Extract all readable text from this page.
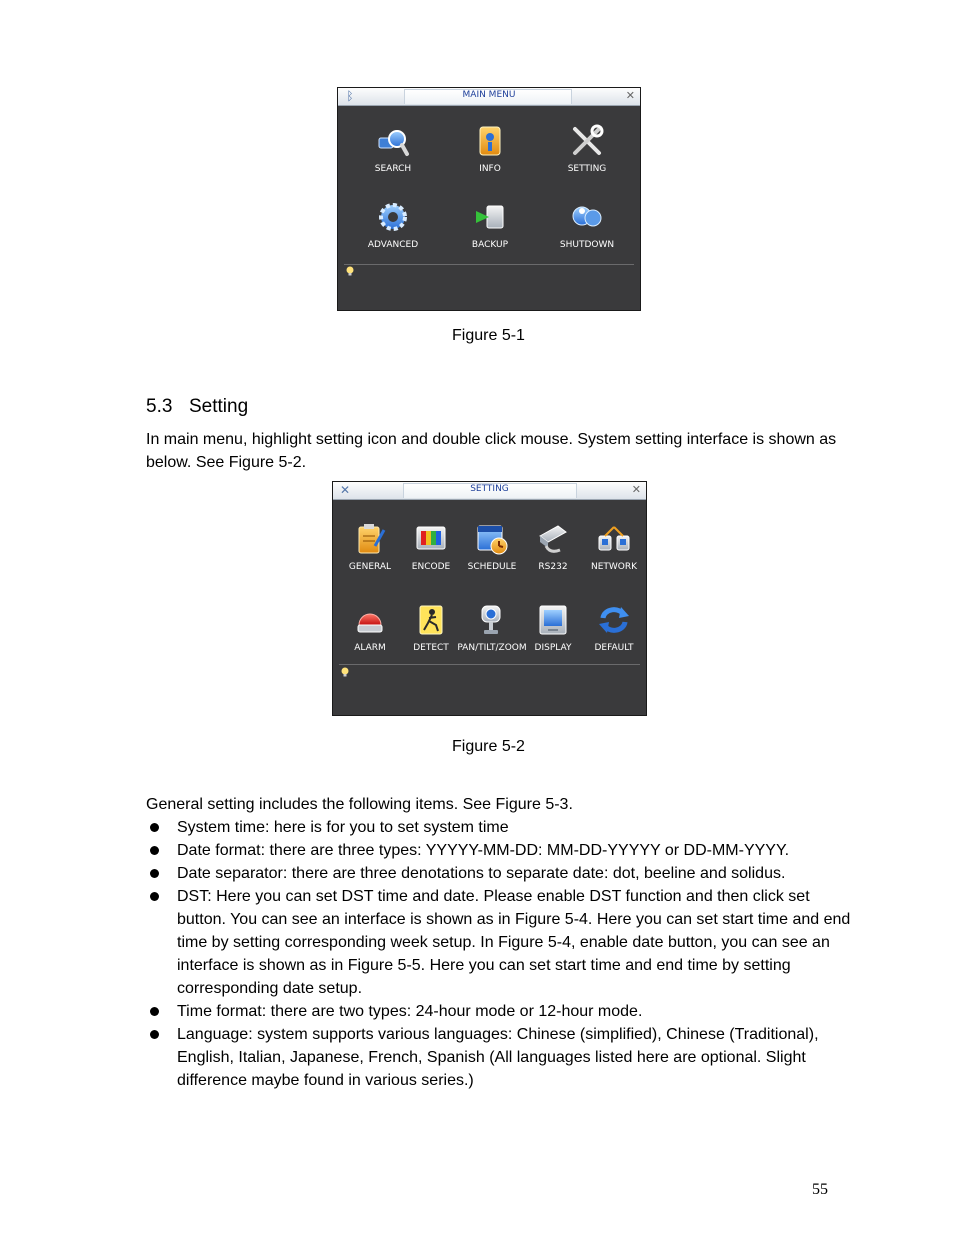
ᛒ	MAIN MENU	✕
SEARCH	INFO	SETTING
ADVANCED	BACKUP	SHUTDOWN
Figure 5-1
5.3 Setting
In main menu, highlight setting icon and double click mouse. System setting interface is shown as below. See Figure 5-2.
✕	SETTING	✕
GENERAL	ENCODE	SCHEDULE	RS232	NETWORK
ALARM	DETECT PAN/TILT/ZOOM DISPLAY	DEFAULT
Figure 5-2
General setting includes the following items. See Figure 5-3.
System time: here is for you to set system time
Date format: there are three types: YYYYY-MM-DD: MM-DD-YYYYY or DD-MM-YYYY.
Date separator: there are three denotations to separate date: dot, beeline and solidus.
DST: Here you can set DST time and date. Please enable DST function and then click set button. You can see an interface is shown as in Figure 5-4. Here you can set start time and end time by setting corresponding week setup. In Figure 5-4, enable date button, you can see an interface is shown as in Figure 5-5. Here you can set start time and end time by setting corresponding date setup.
Time format: there are two types: 24-hour mode or 12-hour mode.
Language: system supports various languages: Chinese (simplified), Chinese (Traditional), English, Italian, Japanese, French, Spanish (All languages listed here are optional. Slight difference maybe found in various series.)
55
